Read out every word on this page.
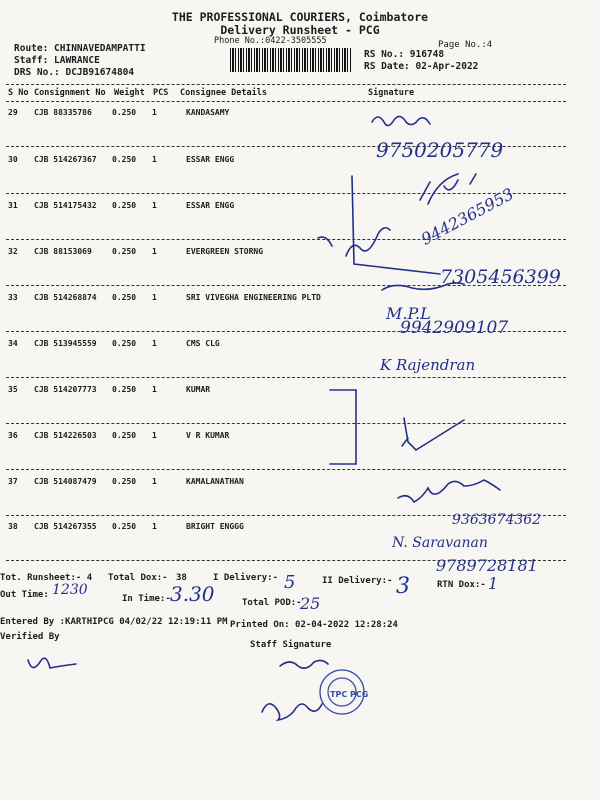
THE PROFESSIONAL COURIERS, Coimbatore
Delivery Runsheet - PCG
Phone No.:0422-3505555	Page No.:4
Route: CHINNAVEDAMPATTI
Staff: LAWRANCE
DRS No.: DCJB91674804
RS No.: 916748
RS Date: 02-Apr-2022
S No Consignment No Weight PCS Consignee Details	Signature
29 CJB 88335786	0.250 1	KANDASAMY
30 CJB 514267367 0.250 1	ESSAR ENGG
31 CJB 514175432 0.250 1	ESSAR ENGG
32 CJB 88153069	0.250 1	EVERGREEN STORNG
33 CJB 514268874 0.250 1	SRI VIVEGHA ENGINEERING PLTD
34 CJB 513945559 0.250 1	CMS CLG
35 CJB 514207773 0.250 1	KUMAR
36 CJB 514226503 0.250 1	V R KUMAR
37 CJB 514087479 0.250 1	KAMALANATHAN
38 CJB 514267355 0.250 1	BRIGHT ENGGG
Tot. Runsheet:- 4 Total Dox:- 38	I Delivery:-	II Delivery:-	RTN Dox:-
Out Time:	In Time:-	Total POD:-
Entered By :KARTHIPCG 04/02/22 12:19:11 PM Printed On: 02-04-2022 12:28:24
Verified By
Staff Signature
9750205779
9442365953
7305456399
M.P.L
9942909107
K Rajendran
9363674362
N. Saravanan
9789728181
1230	3.30	5	3	1
25
TPC PCG
